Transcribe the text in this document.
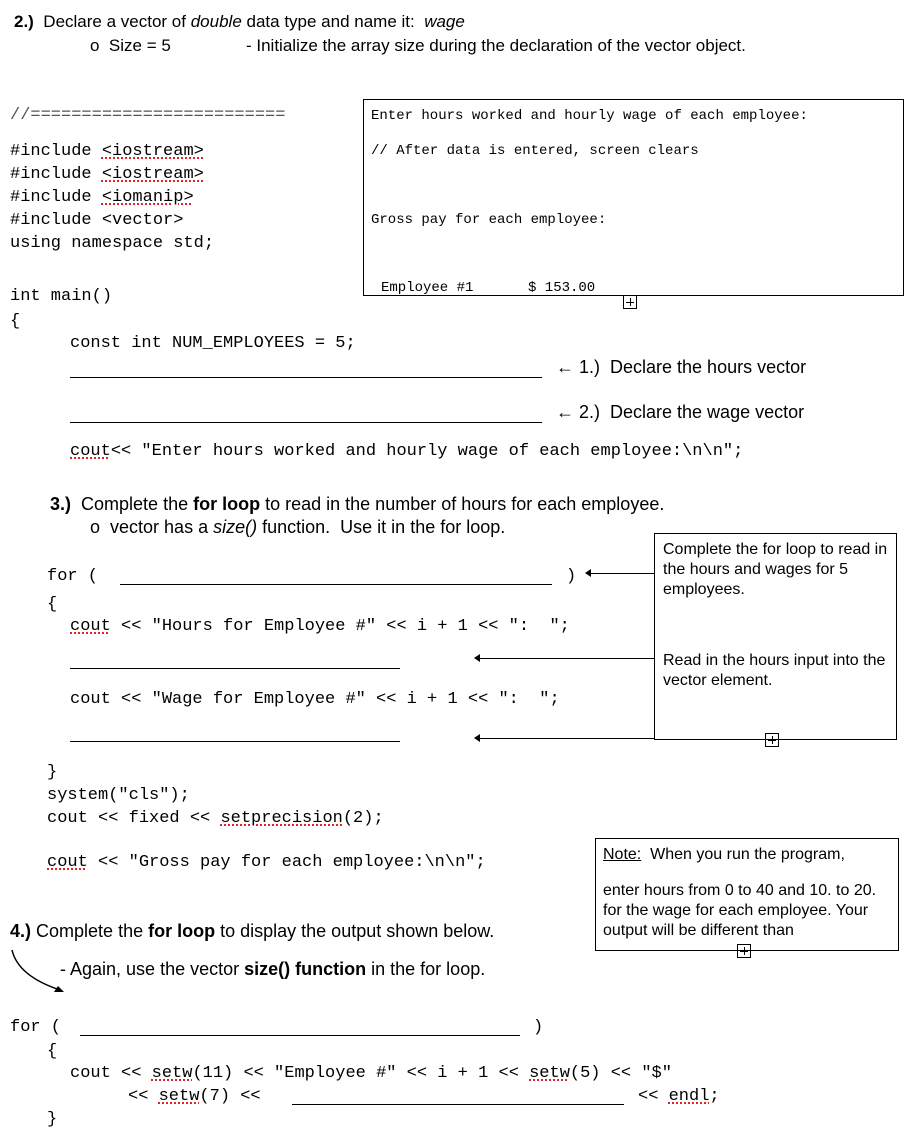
2.) Declare a vector of double data type and name it: wage
o Size = 5	- Initialize the array size during the declaration of the vector object.
//=========================
#include <iostream>
#include <iostream>
#include <iomanip>
#include <vector>
using namespace std;
int main()
{
const int NUM_EMPLOYEES = 5;
← 1.)  Declare the hours vector
← 2.)  Declare the wage vector
cout<< "Enter hours worked and hourly wage of each employee:\n\n";
Enter hours worked and hourly wage of each employee:
// After data is entered, screen clears
Gross pay for each employee:
Employee #1	$ 153.00
3.) Complete the for loop to read in the number of hours for each employee.
o vector has a size() function.  Use it in the for loop.
for (	)
{
cout << "Hours for Employee #" << i + 1 << ":  ";
cout << "Wage for Employee #" << i + 1 << ":  ";
}
system("cls");
cout << fixed << setprecision(2);
cout << "Gross pay for each employee:\n\n";
Complete the for loop to read in the hours and wages for 5 employees.
Read in the hours input into the vector element.
Note: When you run the program,
enter hours from 0 to 40 and 10. to 20. for the wage for each employee. Your output will be different than
4.) Complete the for loop to display the output shown below.
- Again, use the vector size() function in the for loop.
for (	)
{
cout << setw(11) << "Employee #" << i + 1 << setw(5) << "$"
<< setw(7) <<	<< endl;
}
